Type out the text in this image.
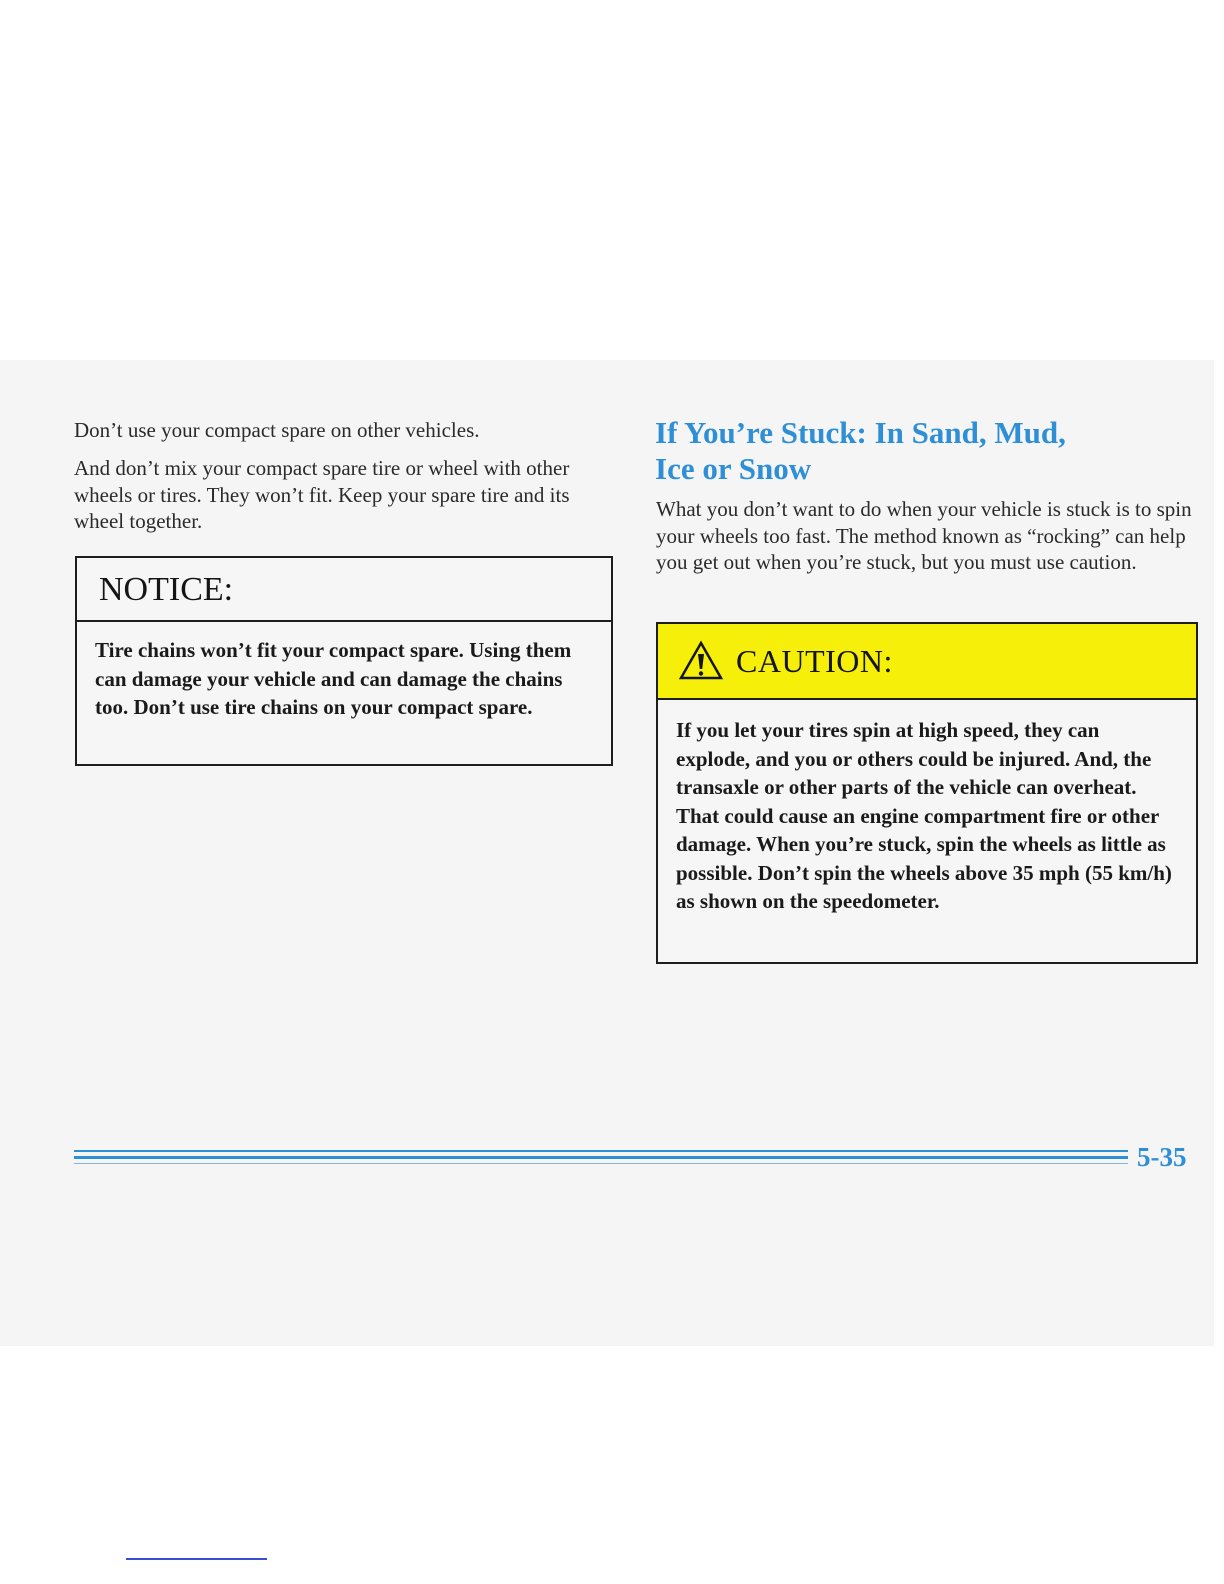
Don’t use your compact spare on other vehicles.

And don’t mix your compact spare tire or wheel with other wheels or tires. They won’t fit. Keep your spare tire and its wheel together.

NOTICE:

Tire chains won’t fit your compact spare. Using them can damage your vehicle and can damage the chains too. Don’t use tire chains on your compact spare.

If You’re Stuck: In Sand, Mud,
Ice or Snow

What you don’t want to do when your vehicle is stuck is to spin your wheels too fast. The method known as “rocking” can help you get out when you’re stuck, but you must use caution.

CAUTION:

If you let your tires spin at high speed, they can explode, and you or others could be injured. And, the transaxle or other parts of the vehicle can overheat. That could cause an engine compartment fire or other damage. When you’re stuck, spin the wheels as little as possible. Don’t spin the wheels above 35 mph (55 km/h) as shown on the speedometer.

5-35
